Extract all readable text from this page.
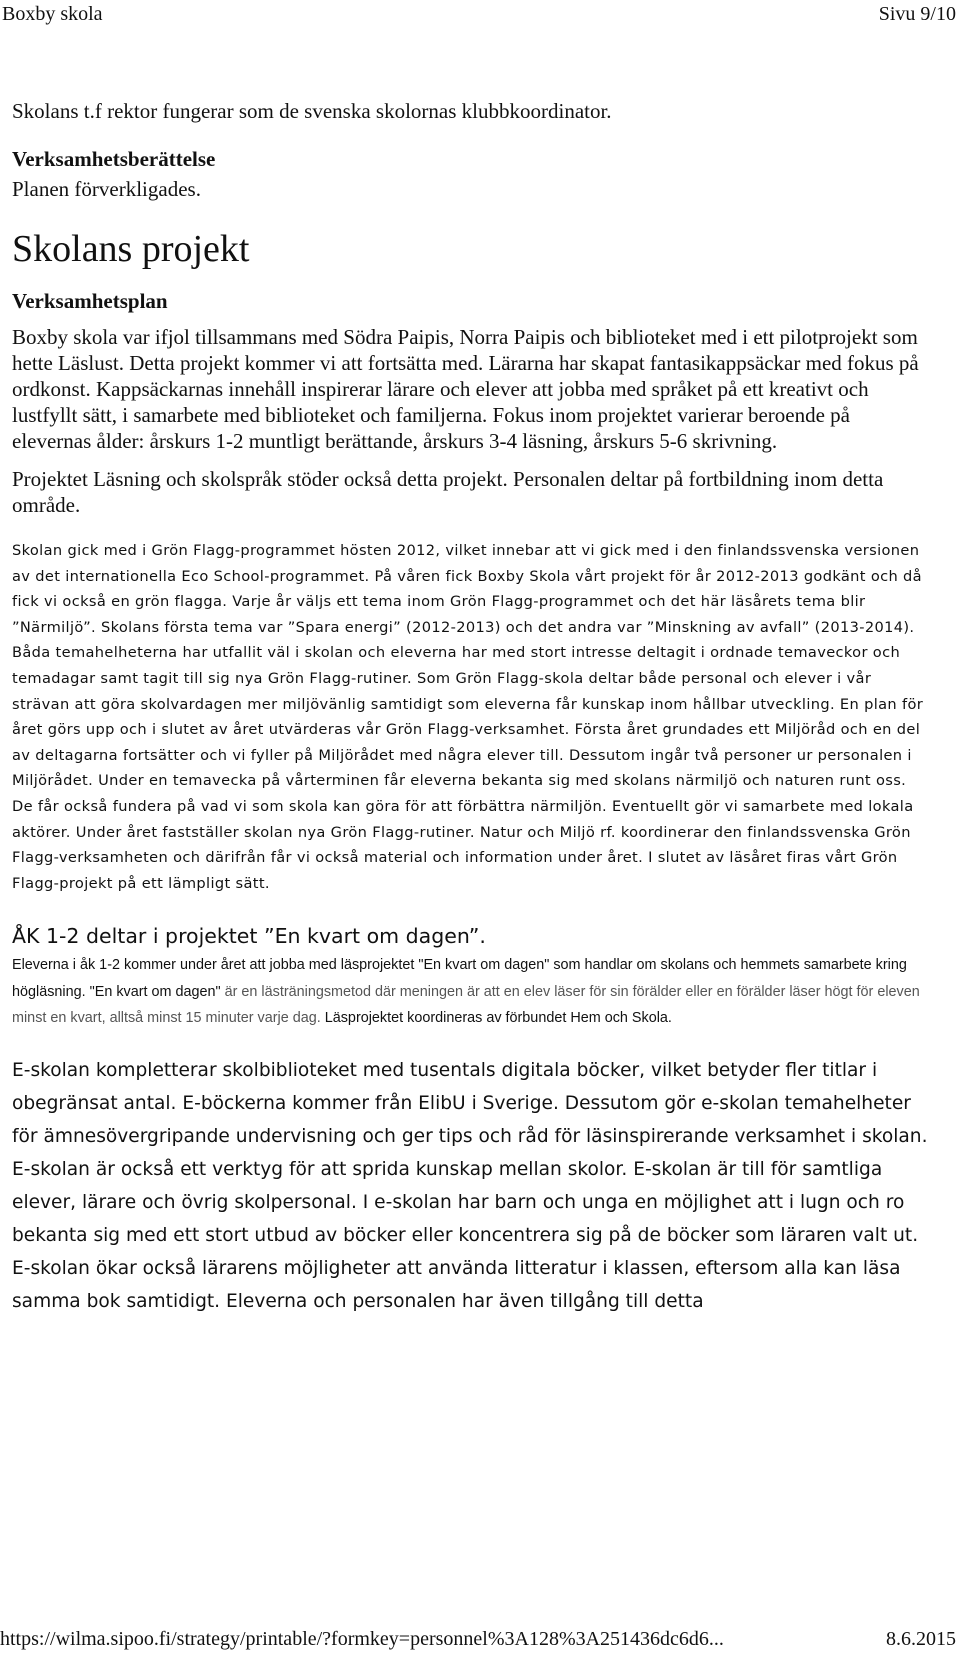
Boxby skola	Sivu 9/10

Skolans t.f rektor fungerar som de svenska skolornas klubbkoordinator.

Verksamhetsberättelse

Planen förverkligades.

Skolans projekt

Verksamhetsplan

Boxby skola var ifjol tillsammans med Södra Paipis, Norra Paipis och biblioteket med i ett pilotprojekt som hette Läslust. Detta projekt kommer vi att fortsätta med. Lärarna har skapat fantasikappsäckar med fokus på ordkonst. Kappsäckarnas innehåll inspirerar lärare och elever att jobba med språket på ett kreativt och lustfyllt sätt, i samarbete med biblioteket och familjerna. Fokus inom projektet varierar beroende på elevernas ålder: årskurs 1-2 muntligt berättande, årskurs 3-4 läsning, årskurs 5-6 skrivning.

Projektet Läsning och skolspråk stöder också detta projekt. Personalen deltar på fortbildning inom detta område.

Skolan gick med i Grön Flagg-programmet hösten 2012, vilket innebar att vi gick med i den finlandssvenska versionen av det internationella Eco School-programmet. På våren fick Boxby Skola vårt projekt för år 2012-2013 godkänt och då fick vi också en grön flagga. Varje år väljs ett tema inom Grön Flagg-programmet och det här läsårets tema blir ”Närmiljö”. Skolans första tema var ”Spara energi” (2012-2013) och det andra var ”Minskning av avfall” (2013-2014). Båda temahelheterna har utfallit väl i skolan och eleverna har med stort intresse deltagit i ordnade temaveckor och temadagar samt tagit till sig nya Grön Flagg-rutiner. Som Grön Flagg-skola deltar både personal och elever i vår strävan att göra skolvardagen mer miljövänlig samtidigt som eleverna får kunskap inom hållbar utveckling. En plan för året görs upp och i slutet av året utvärderas vår Grön Flagg-verksamhet. Första året grundades ett Miljöråd och en del av deltagarna fortsätter och vi fyller på Miljörådet med några elever till. Dessutom ingår två personer ur personalen i Miljörådet. Under en temavecka på vårterminen får eleverna bekanta sig med skolans närmiljö och naturen runt oss. De får också fundera på vad vi som skola kan göra för att förbättra närmiljön. Eventuellt gör vi samarbete med lokala aktörer. Under året fastställer skolan nya Grön Flagg-rutiner. Natur och Miljö rf. koordinerar den finlandssvenska Grön Flagg-verksamheten och därifrån får vi också material och information under året. I slutet av läsåret firas vårt Grön Flagg-projekt på ett lämpligt sätt.

ÅK 1-2 deltar i projektet ”En kvart om dagen”.

Eleverna i åk 1-2 kommer under året att jobba med läsprojektet "En kvart om dagen" som handlar om skolans och hemmets samarbete kring högläsning. "En kvart om dagen" är en lästräningsmetod där meningen är att en elev läser för sin förälder eller en förälder läser högt för eleven minst en kvart, alltså minst 15 minuter varje dag. Läsprojektet koordineras av förbundet Hem och Skola.

E-skolan kompletterar skolbiblioteket med tusentals digitala böcker, vilket betyder fler titlar i obegränsat antal. E-böckerna kommer från ElibU i Sverige. Dessutom gör e-skolan temahelheter för ämnesövergripande undervisning och ger tips och råd för läsinspirerande verksamhet i skolan. E-skolan är också ett verktyg för att sprida kunskap mellan skolor. E-skolan är till för samtliga elever, lärare och övrig skolpersonal. I e-skolan har barn och unga en möjlighet att i lugn och ro bekanta sig med ett stort utbud av böcker eller koncentrera sig på de böcker som läraren valt ut. E-skolan ökar också lärarens möjligheter att använda litteratur i klassen, eftersom alla kan läsa samma bok samtidigt. Eleverna och personalen har även tillgång till detta

https://wilma.sipoo.fi/strategy/printable/?formkey=personnel%3A128%3A251436dc6d6...	8.6.2015
